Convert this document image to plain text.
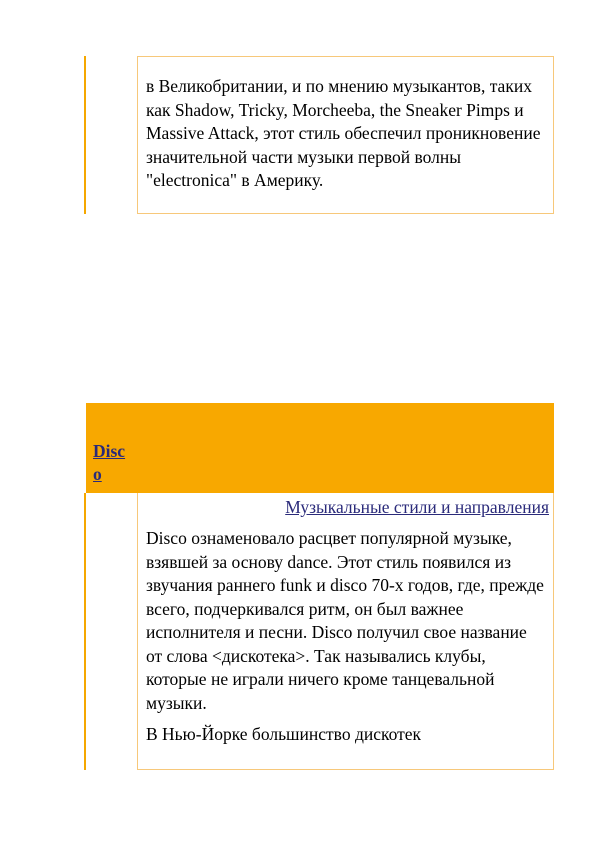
в Великобритании, и по мнению музыкантов, таких как Shadow, Tricky, Morcheeba, the Sneaker Pimps и Massive Attack, этот стиль обеспечил проникновение значительной части музыки первой волны "electronica" в Америку.

Disco

Музыкальные стили и направления

Disco ознаменовало расцвет популярной музыке, взявшей за основу dance. Этот стиль появился из звучания раннего funk и disco 70-х годов, где, прежде всего, подчеркивался ритм, он был важнее исполнителя и песни. Disco получил свое название от слова <дискотека>. Так назывались клубы, которые не играли ничего кроме танцевальной музыки.

В Нью-Йорке большинство дискотек
